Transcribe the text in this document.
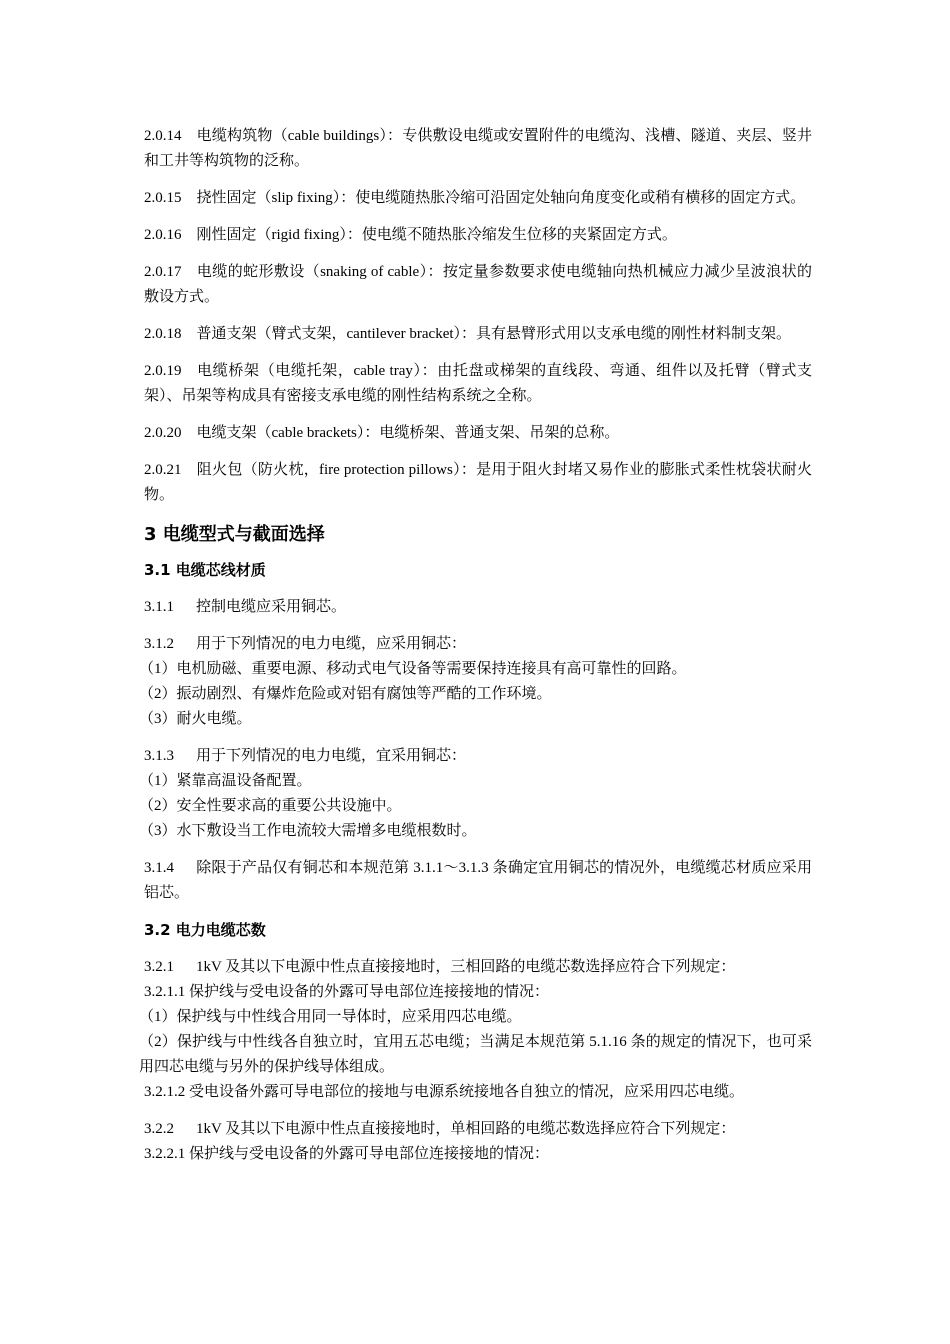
2.0.14 电缆构筑物（cable buildings）：专供敷设电缆或安置附件的电缆沟、浅槽、隧道、夹层、竖井和工井等构筑物的泛称。

2.0.15 挠性固定（slip fixing）：使电缆随热胀冷缩可沿固定处轴向角度变化或稍有横移的固定方式。

2.0.16 刚性固定（rigid fixing）：使电缆不随热胀冷缩发生位移的夹紧固定方式。

2.0.17 电缆的蛇形敷设（snaking of cable）：按定量参数要求使电缆轴向热机械应力减少呈波浪状的敷设方式。

2.0.18 普通支架（臂式支架，cantilever bracket）：具有悬臂形式用以支承电缆的刚性材料制支架。

2.0.19 电缆桥架（电缆托架，cable tray）：由托盘或梯架的直线段、弯通、组件以及托臂（臂式支架）、吊架等构成具有密接支承电缆的刚性结构系统之全称。

2.0.20 电缆支架（cable brackets）：电缆桥架、普通支架、吊架的总称。

2.0.21 阻火包（防火枕，fire protection pillows）：是用于阻火封堵又易作业的膨胀式柔性枕袋状耐火物。

3 电缆型式与截面选择
3.1 电缆芯线材质

3.1.1 控制电缆应采用铜芯。

3.1.2 用于下列情况的电力电缆，应采用铜芯：
（1）电机励磁、重要电源、移动式电气设备等需要保持连接具有高可靠性的回路。
（2）振动剧烈、有爆炸危险或对铝有腐蚀等严酷的工作环境。
（3）耐火电缆。
3.1.3 用于下列情况的电力电缆，宜采用铜芯：
（1）紧靠高温设备配置。
（2）安全性要求高的重要公共设施中。
（3）水下敷设当工作电流较大需增多电缆根数时。

3.1.4 除限于产品仅有铜芯和本规范第 3.1.1～3.1.3 条确定宜用铜芯的情况外，电缆缆芯材质应采用铝芯。

3.2 电力电缆芯数
3.2.1 1kV 及其以下电源中性点直接接地时，三相回路的电缆芯数选择应符合下列规定：
3.2.1.1 保护线与受电设备的外露可导电部位连接接地的情况：
（1）保护线与中性线合用同一导体时，应采用四芯电缆。
（2）保护线与中性线各自独立时，宜用五芯电缆；当满足本规范第 5.1.16 条的规定的情况下，也可采用四芯电缆与另外的保护线导体组成。
3.2.1.2 受电设备外露可导电部位的接地与电源系统接地各自独立的情况，应采用四芯电缆。
3.2.2 1kV 及其以下电源中性点直接接地时，单相回路的电缆芯数选择应符合下列规定：
3.2.2.1 保护线与受电设备的外露可导电部位连接接地的情况：
